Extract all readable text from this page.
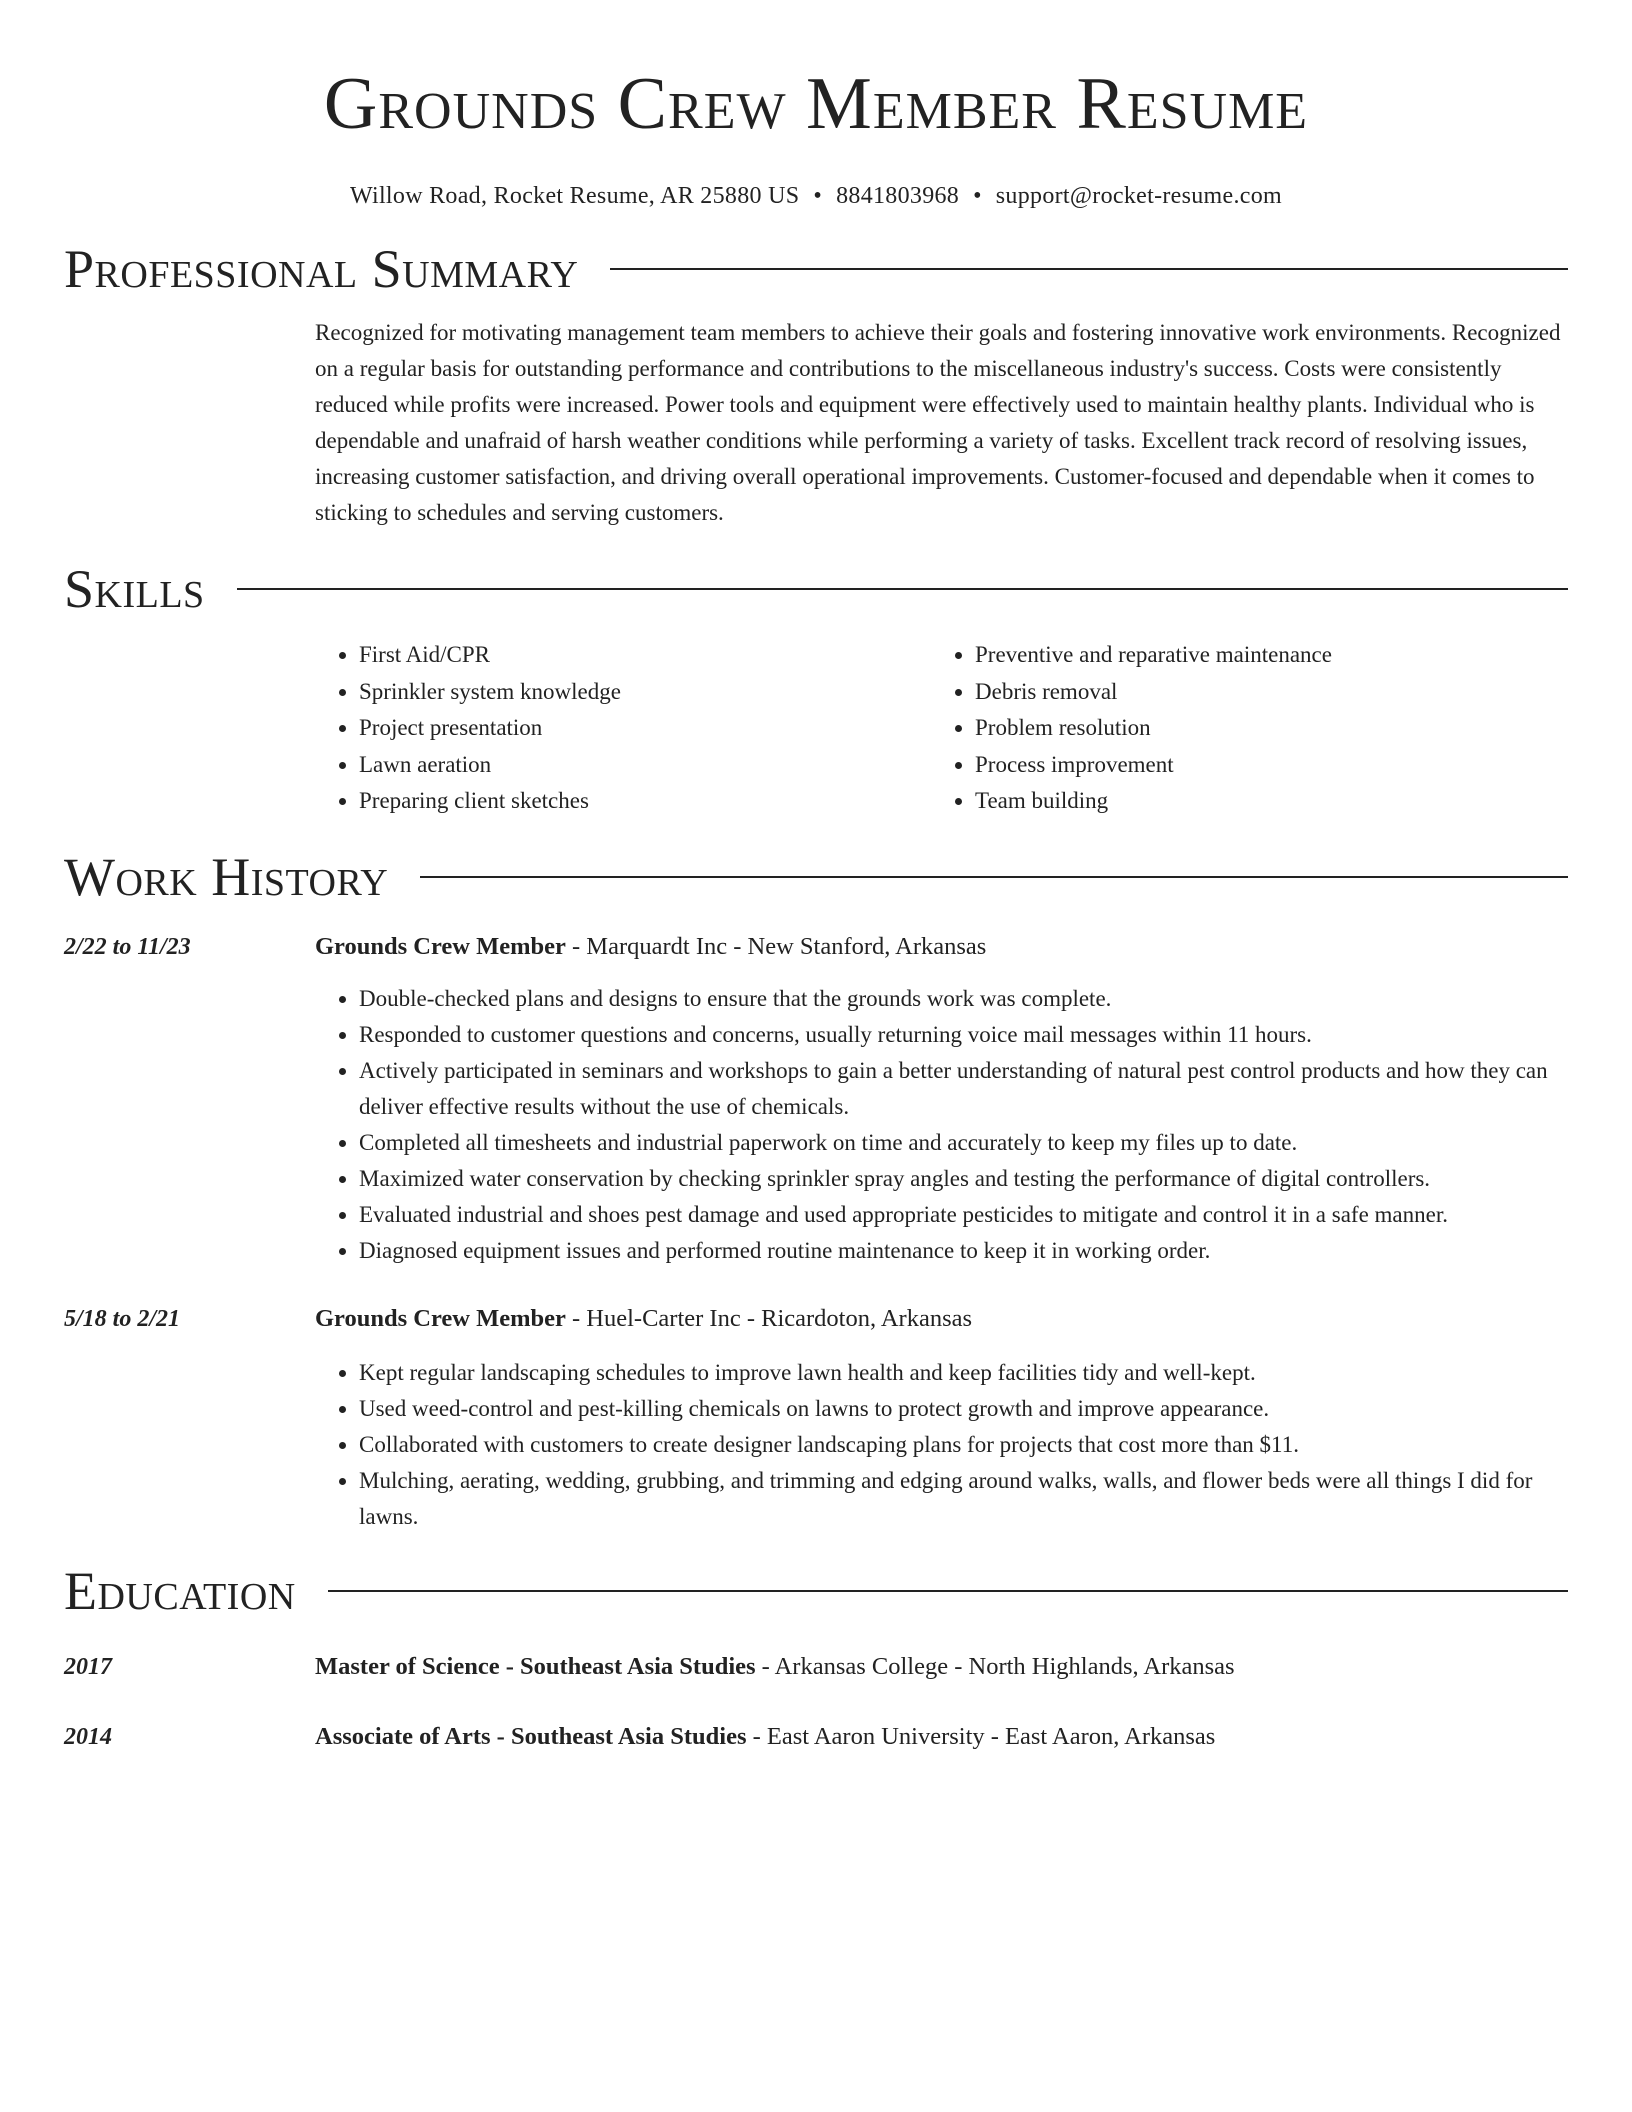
Grounds Crew Member Resume
Willow Road, Rocket Resume, AR 25880 US • 8841803968 • support@rocket-resume.com
Professional Summary

Recognized for motivating management team members to achieve their goals and fostering innovative work environments. Recognized on a regular basis for outstanding performance and contributions to the miscellaneous industry's success. Costs were consistently reduced while profits were increased. Power tools and equipment were effectively used to maintain healthy plants. Individual who is dependable and unafraid of harsh weather conditions while performing a variety of tasks. Excellent track record of resolving issues, increasing customer satisfaction, and driving overall operational improvements. Customer-focused and dependable when it comes to sticking to schedules and serving customers.

Skills
• First Aid/CPR
• Sprinkler system knowledge
• Project presentation
• Lawn aeration
• Preparing client sketches
• Preventive and reparative maintenance
• Debris removal
• Problem resolution
• Process improvement
• Team building
Work History
2/22 to 11/23	Grounds Crew Member - Marquardt Inc - New Stanford, Arkansas
• Double-checked plans and designs to ensure that the grounds work was complete.
• Responded to customer questions and concerns, usually returning voice mail messages within 11 hours.
• Actively participated in seminars and workshops to gain a better understanding of natural pest control products and how they can deliver effective results without the use of chemicals.
• Completed all timesheets and industrial paperwork on time and accurately to keep my files up to date.
• Maximized water conservation by checking sprinkler spray angles and testing the performance of digital controllers.
• Evaluated industrial and shoes pest damage and used appropriate pesticides to mitigate and control it in a safe manner.
• Diagnosed equipment issues and performed routine maintenance to keep it in working order.
5/18 to 2/21	Grounds Crew Member - Huel-Carter Inc - Ricardoton, Arkansas
• Kept regular landscaping schedules to improve lawn health and keep facilities tidy and well-kept.
• Used weed-control and pest-killing chemicals on lawns to protect growth and improve appearance.
• Collaborated with customers to create designer landscaping plans for projects that cost more than $11.
• Mulching, aerating, wedding, grubbing, and trimming and edging around walks, walls, and flower beds were all things I did for lawns.
Education
2017	Master of Science - Southeast Asia Studies - Arkansas College - North Highlands, Arkansas
2014	Associate of Arts - Southeast Asia Studies - East Aaron University - East Aaron, Arkansas
